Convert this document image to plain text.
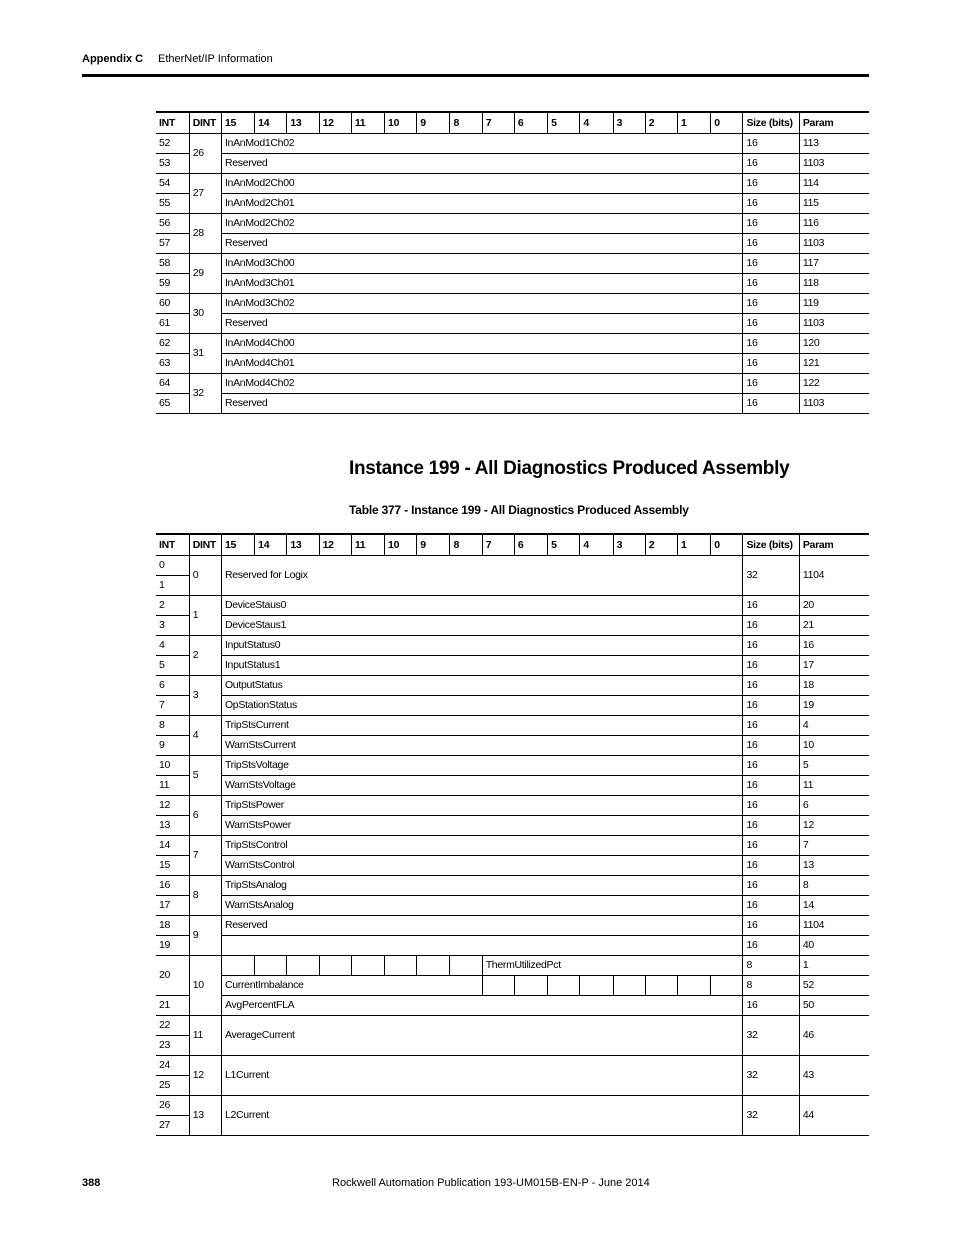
Appendix C EtherNet/IP Information
INT	DINT	15	14	13	12	11	10	9	8	7	6	5	4	3	2	1	0	Size (bits)	Param
52	26	InAnMod1Ch02																16	113
53		Reserved																16	1103
54	27	InAnMod2Ch00																16	114
55		InAnMod2Ch01																16	115
56	28	InAnMod2Ch02																16	116
57		Reserved																16	1103
58	29	InAnMod3Ch00																16	117
59		InAnMod3Ch01																16	118
60	30	InAnMod3Ch02																16	119
61		Reserved																16	1103
62	31	InAnMod4Ch00																16	120
63		InAnMod4Ch01																16	121
64	32	InAnMod4Ch02																16	122
65		Reserved																16	1103
Instance 199 - All Diagnostics Produced Assembly
Table 377 - Instance 199 - All Diagnostics Produced Assembly
INT	DINT	15	14	13	12	11	10	9	8	7	6	5	4	3	2	1	0	Size (bits)	Param
0	0	Reserved for Logix																32	1104
1																			
2	1	DeviceStaus0																16	20
3		DeviceStaus1																16	21
4	2	InputStatus0																16	16
5		InputStatus1																16	17
6	3	OutputStatus																16	18
7		OpStationStatus																16	19
8	4	TripStsCurrent																16	4
9		WarnStsCurrent																16	10
10	5	TripStsVoltage																16	5
11		WarnStsVoltage																16	11
12	6	TripStsPower																16	6
13		WarnStsPower																16	12
14	7	TripStsControl																16	7
15		WarnStsControl																16	13
16	8	TripStsAnalog																16	8
17		WarnStsAnalog																16	14
18	9	Reserved																16	1104
19																		16	40
20	10									ThermUtilizedPct								8	1
		CurrentImbalance																8	52
21		AvgPercentFLA																16	50
22	11	AverageCurrent																32	46
23																			
24	12	L1Current																32	43
25																			
26	13	L2Current																32	44
27																			
388	Rockwell Automation Publication 193-UM015B-EN-P - June 2014
